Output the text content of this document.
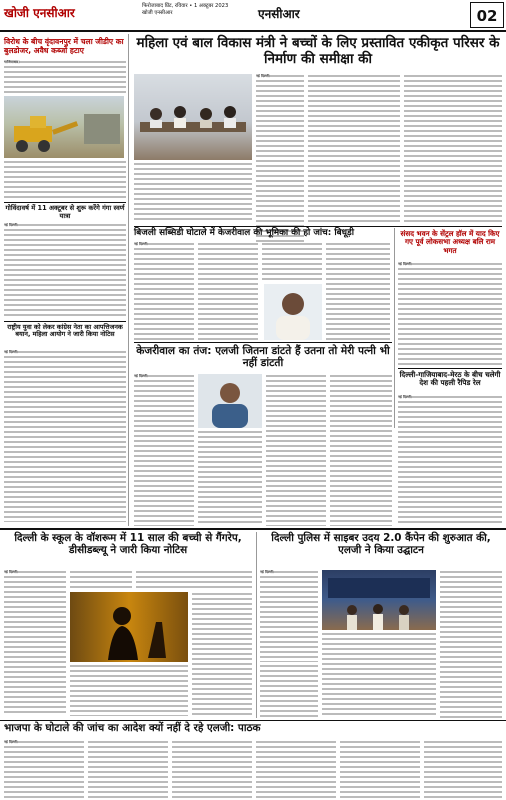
खोजी एनसीआर	फिरोजाबाद प्रिंट, रविवार • 1 अक्टूबर 2023
खोजी एनसीआर	एनसीआर	02
विरोध के बीच वृंदावनपुर में चला जीडीए का बुलडोजर, अवैध कब्जों हटाए
गाजियाबाद।
गोविंदावर्ष में 11 अक्टूबर से शुरू करेंगे गंगा स्वर्ण यात्रा
नई दिल्ली।
राष्ट्रीय युवा को लेकर कांग्रेस नेता का आपत्तिजनक बयान, महिला आयोग ने जारी किया नोटिस
नई दिल्ली।
महिला एवं बाल विकास मंत्री ने बच्चों के लिए प्रस्तावित एकीकृत परिसर के निर्माण की समीक्षा की
नई दिल्ली।
बिजली सब्सिडी घोटाले में केजरीवाल की भूमिका की हो जांच: बिधूड़ी
नई दिल्ली।
संसद भवन के सेंट्रल हॉल में याद किए गए पूर्व लोकसभा अध्यक्ष बलि राम भगत
नई दिल्ली।
दिल्ली-गाजियाबाद-मेरठ के बीच चलेगी देश की पहली रैपिड रेल
नई दिल्ली।
केजरीवाल का तंज: एलजी जितना डांटते हैं उतना तो मेरी पत्नी भी नहीं डांटती
नई दिल्ली।
दिल्ली के स्कूल के वॉशरूम में 11 साल की बच्ची से गैंगरेप, डीसीडब्ल्यू ने जारी किया नोटिस
नई दिल्ली।
दिल्ली पुलिस में साइबर उदय 2.0 कैंपेन की शुरुआत की, एलजी ने किया उद्घाटन
नई दिल्ली।
भाजपा के घोटाले की जांच का आदेश क्यों नहीं दे रहे एलजी: पाठक
नई दिल्ली।
